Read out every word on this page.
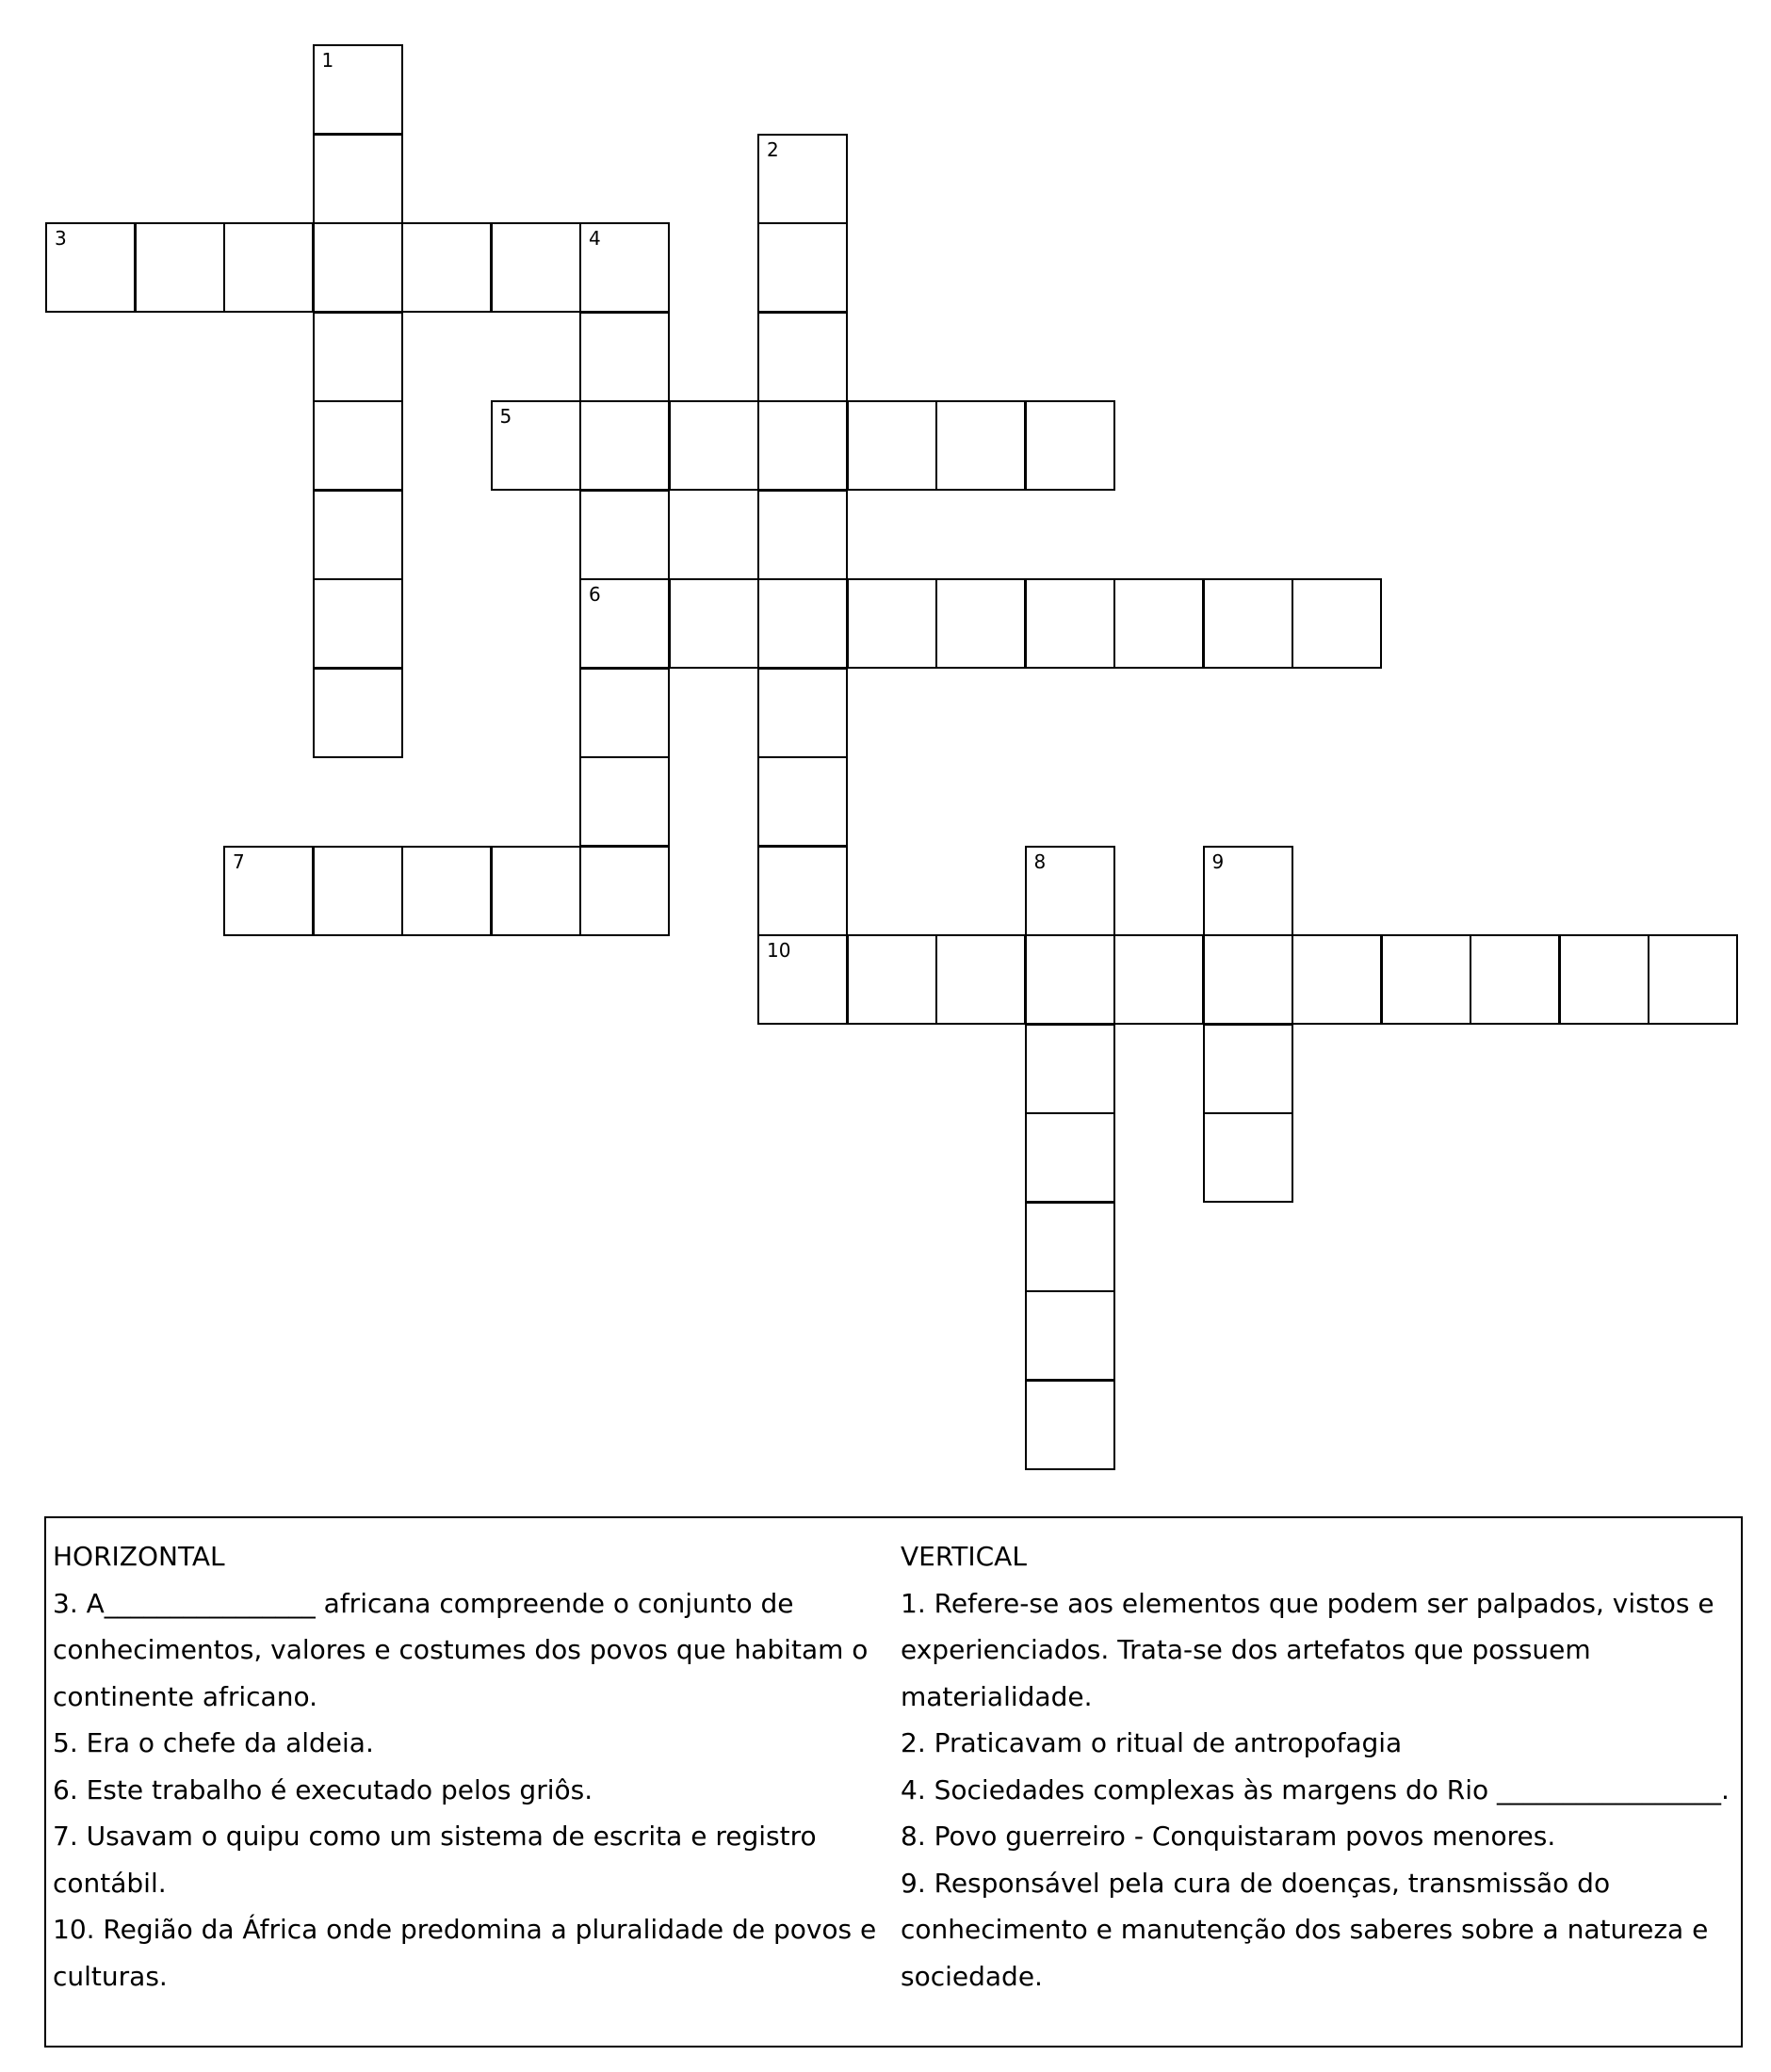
1
2
3	4
5
6
7	8	9
10
HORIZONTAL
3. A________________ africana compreende o conjunto de
conhecimentos, valores e costumes dos povos que habitam o
continente africano.
5. Era o chefe da aldeia.
6. Este trabalho é executado pelos griôs.
7. Usavam o quipu como um sistema de escrita e registro
contábil.
10. Região da África onde predomina a pluralidade de povos e
culturas.
VERTICAL
1. Refere-se aos elementos que podem ser palpados, vistos e
experienciados. Trata-se dos artefatos que possuem
materialidade.
2. Praticavam o ritual de antropofagia
4. Sociedades complexas às margens do Rio _________________.
8. Povo guerreiro - Conquistaram povos menores.
9. Responsável pela cura de doenças, transmissão do
conhecimento e manutenção dos saberes sobre a natureza e
sociedade.
